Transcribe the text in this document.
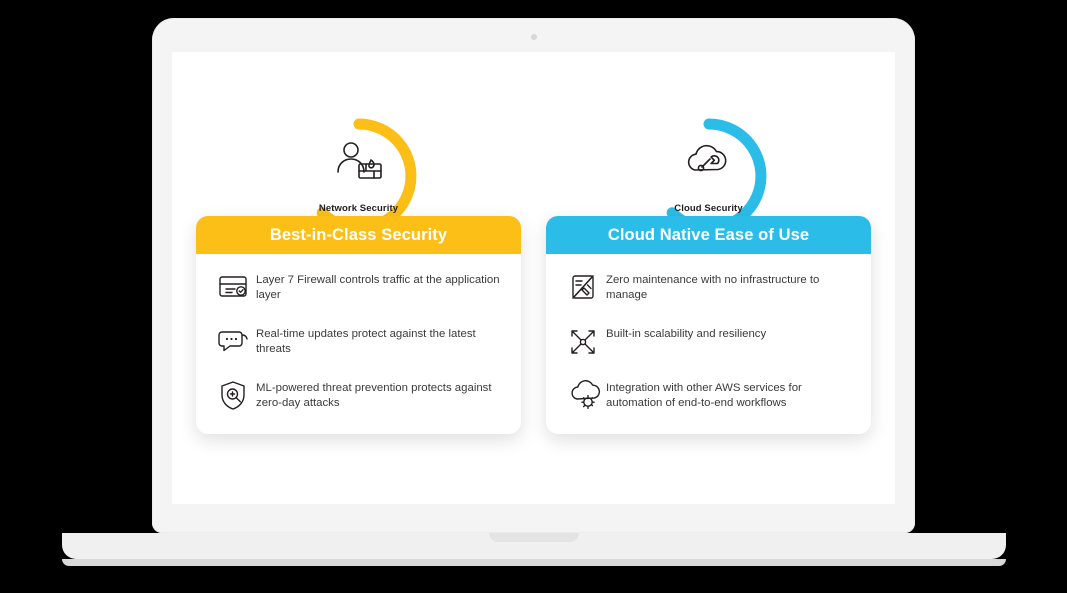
Network Security

Best-in-Class Security
Layer 7 Firewall controls traffic at the application layer
Real-time updates protect against the latest threats
ML-powered threat prevention protects against zero-day attacks
Cloud Security

Cloud Native Ease of Use
Zero maintenance with no infrastructure to manage
Built-in scalability and resiliency
Integration with other AWS services for automation of end-to-end workflows
